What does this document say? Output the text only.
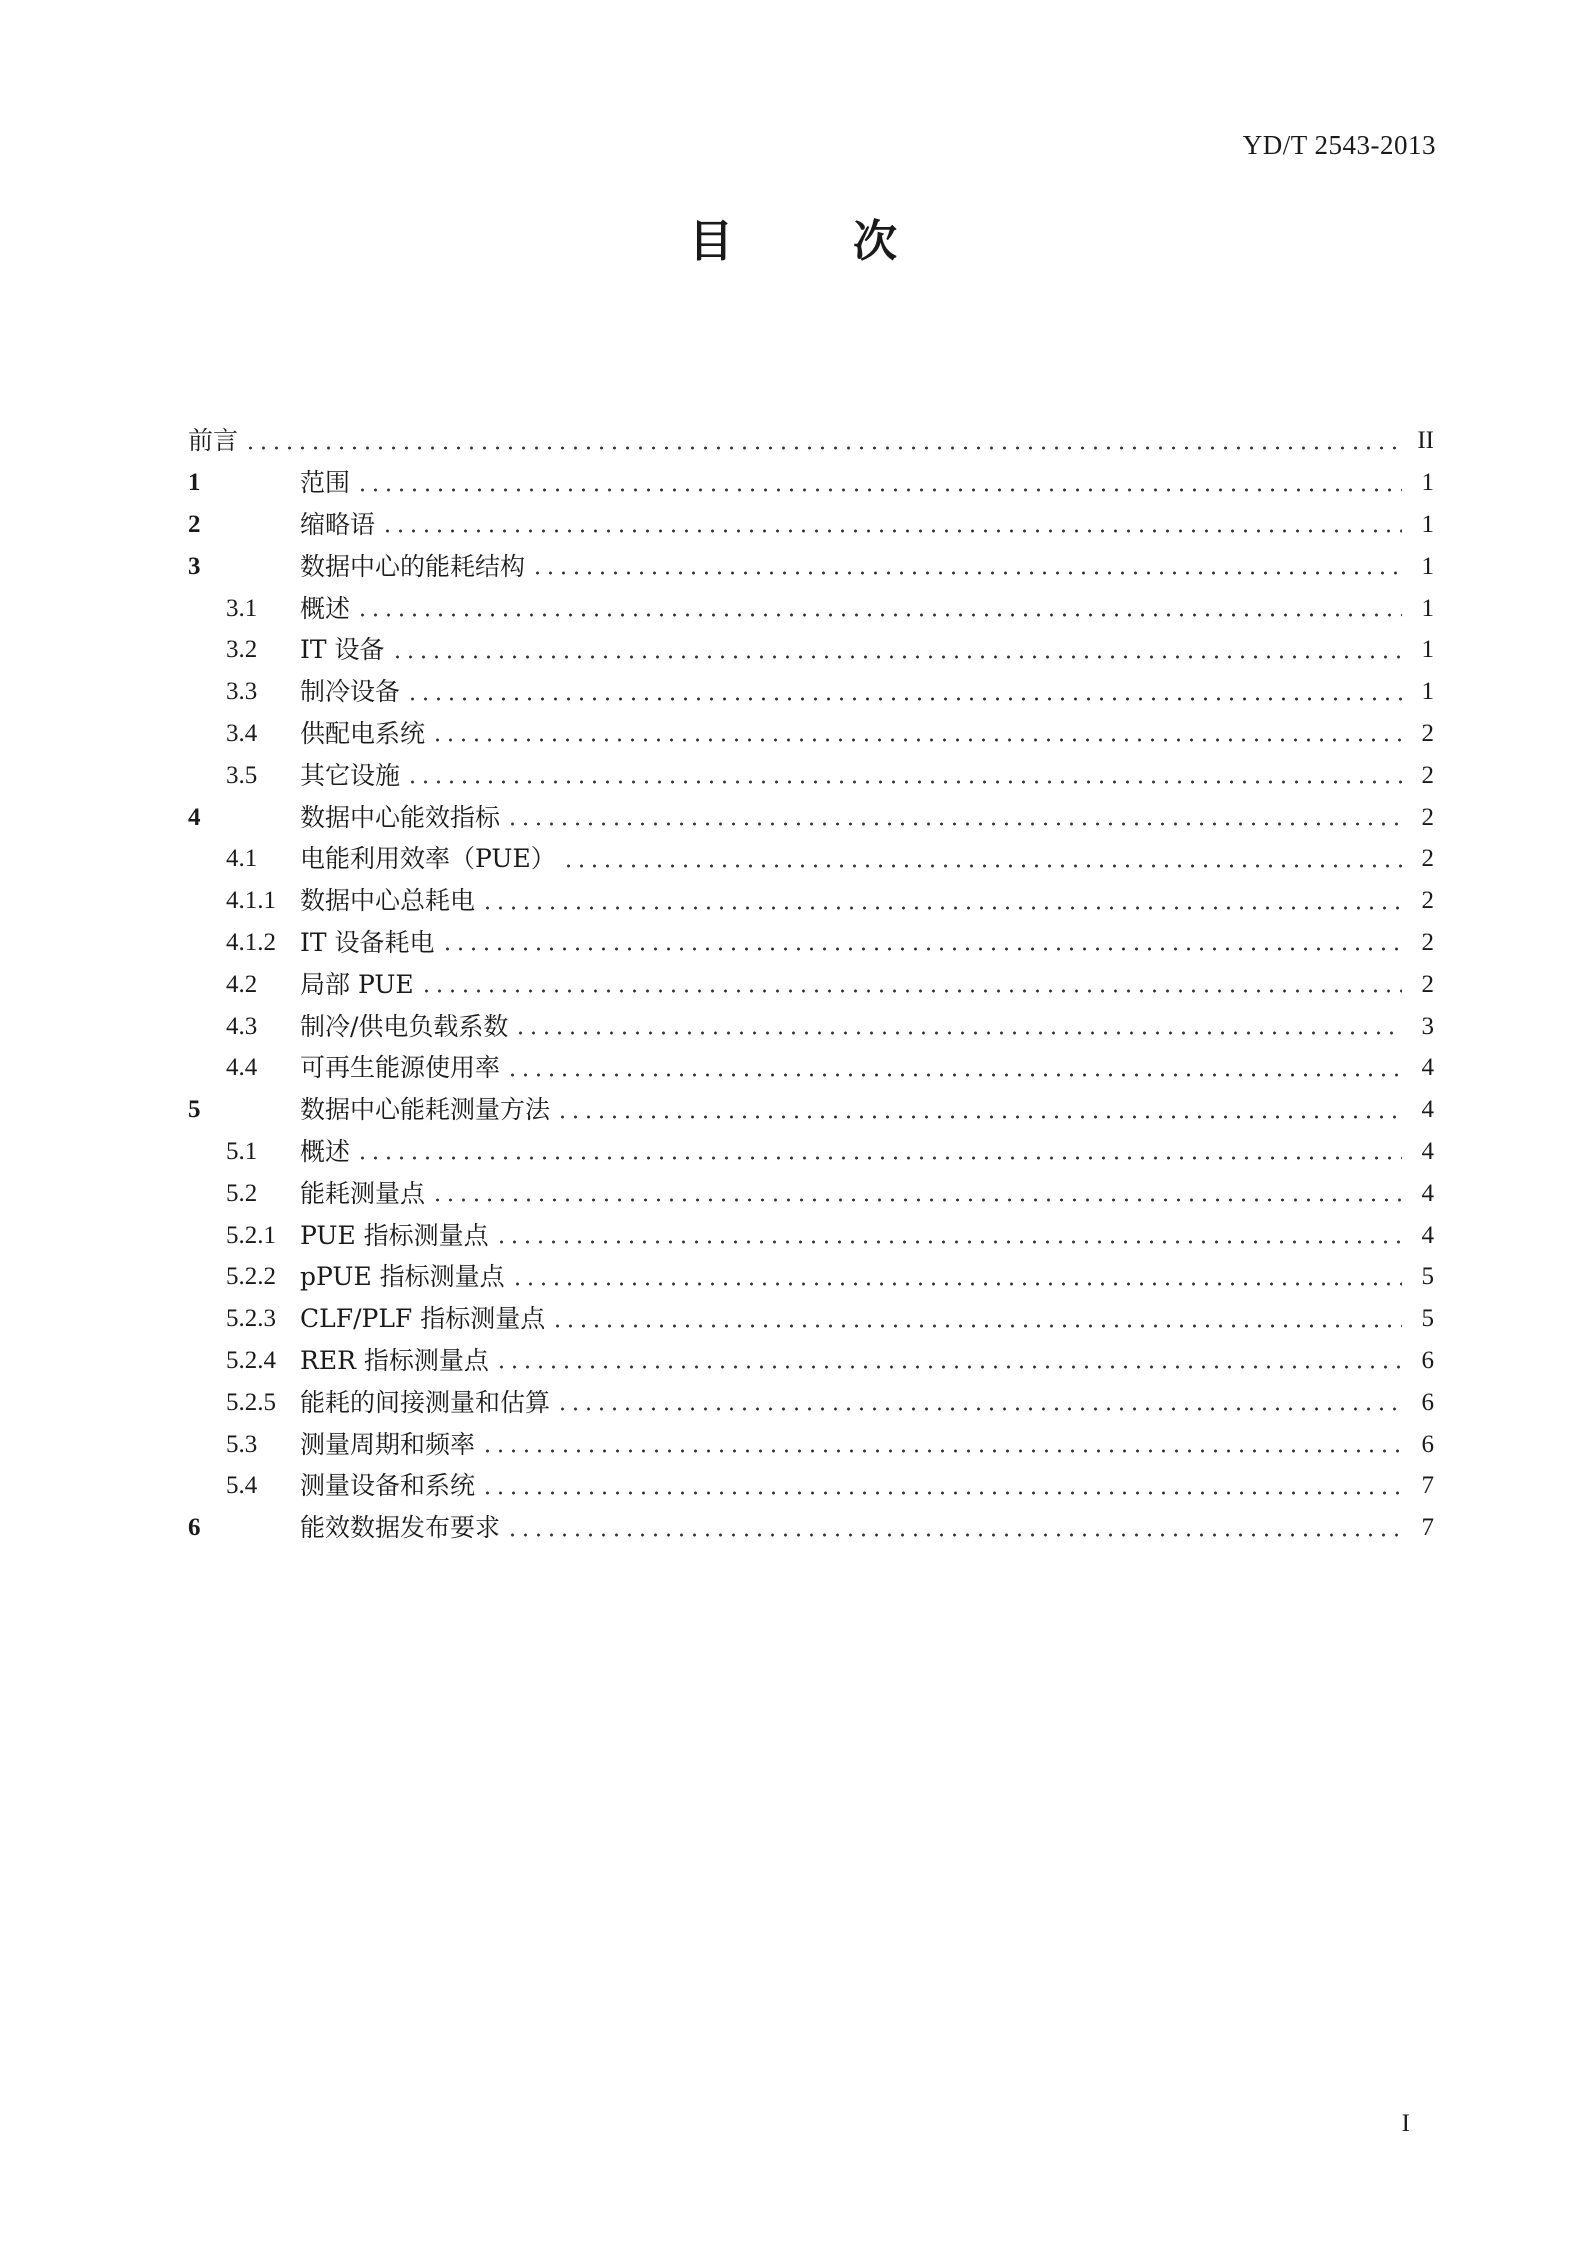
YD/T 2543-2013
目	次
前言	II
1	范围	1
2	缩略语	1
3	数据中心的能耗结构	1
3.1	概述	1
3.2	IT 设备	1
3.3	制冷设备	1
3.4	供配电系统	2
3.5	其它设施	2
4	数据中心能效指标	2
4.1	电能利用效率（PUE）	2
4.1.1 数据中心总耗电	2
4.1.2 IT 设备耗电	2
4.2	局部 PUE	2
4.3	制冷/供电负载系数	3
4.4	可再生能源使用率	4
5	数据中心能耗测量方法	4
5.1	概述	4
5.2	能耗测量点	4
5.2.1 PUE 指标测量点	4
5.2.2 pPUE 指标测量点	5
5.2.3 CLF/PLF 指标测量点	5
5.2.4 RER 指标测量点	6
5.2.5 能耗的间接测量和估算	6
5.3	测量周期和频率	6
5.4	测量设备和系统	7
6	能效数据发布要求	7
I
